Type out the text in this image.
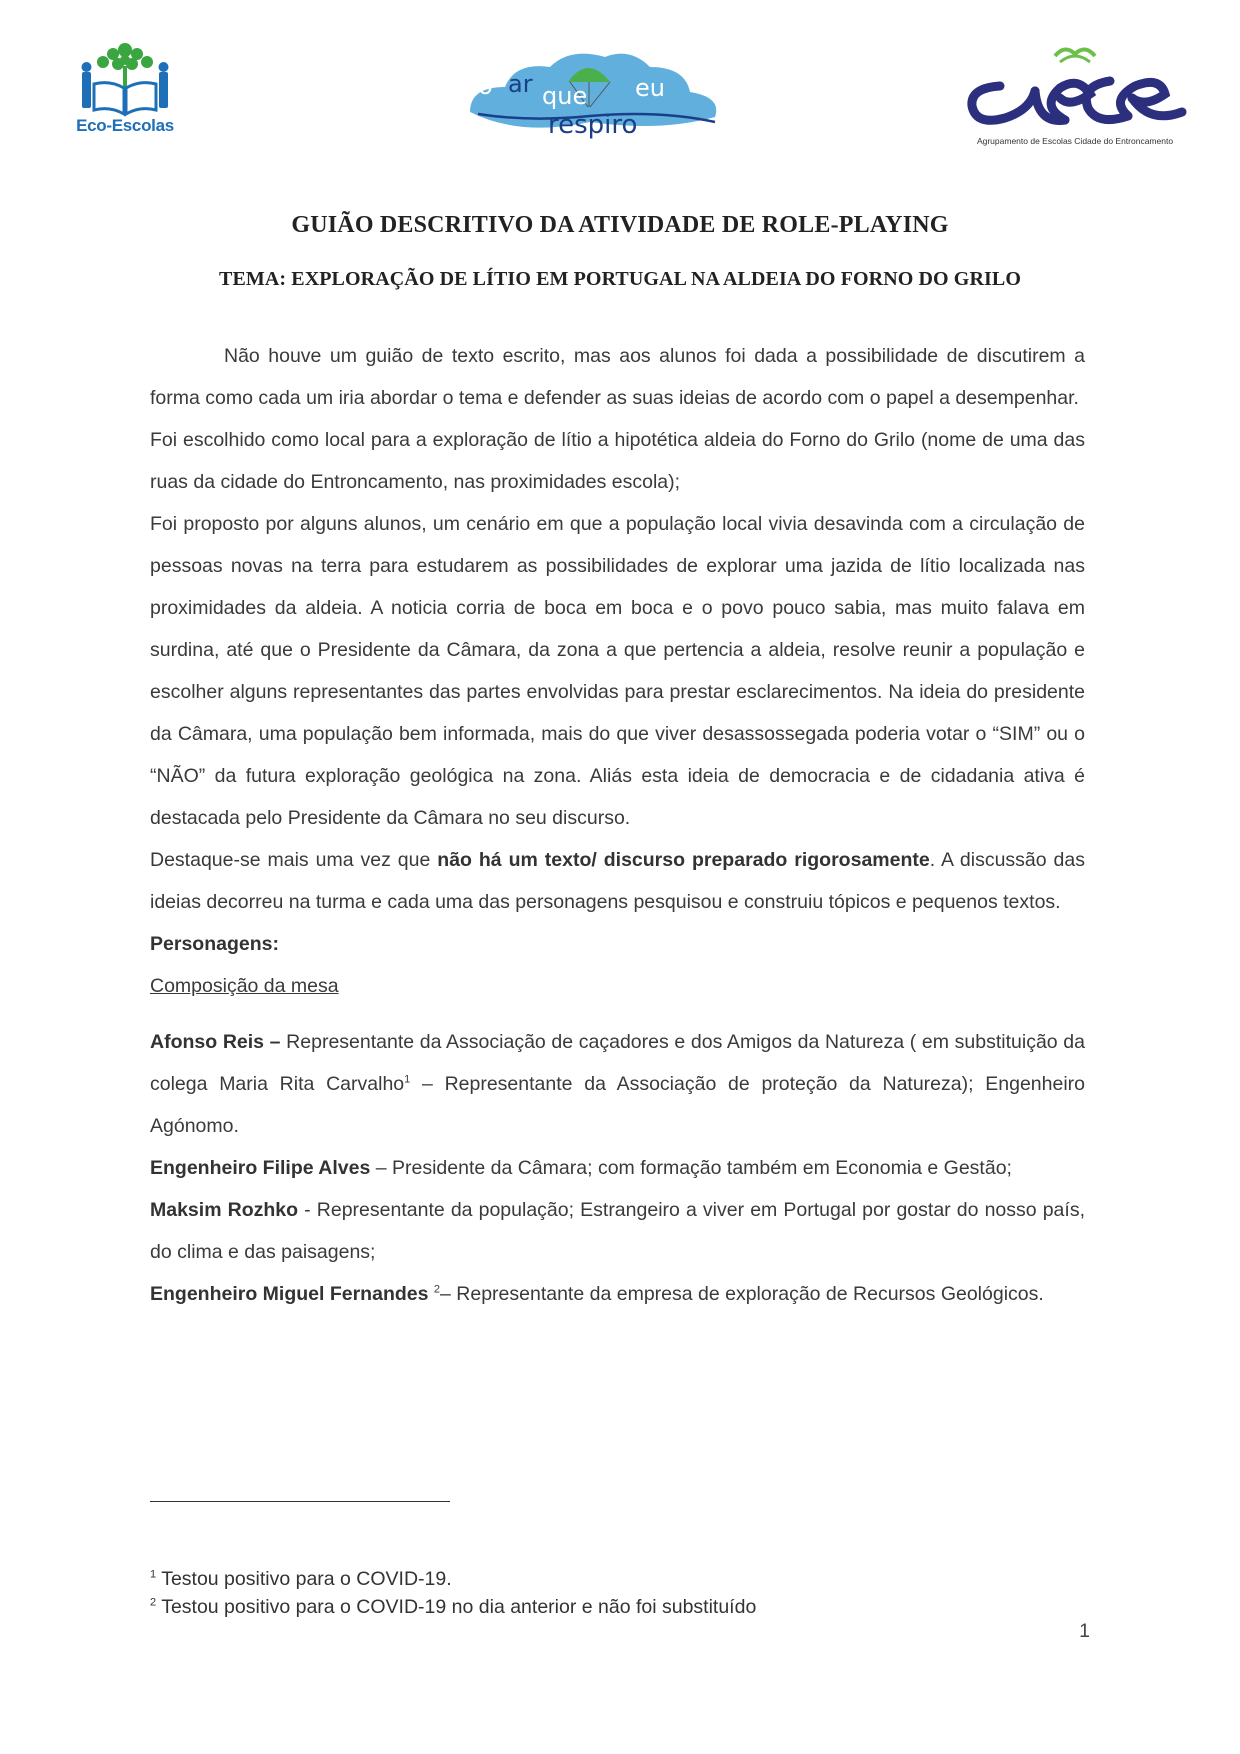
Eco-Escolas
o ar que eu
respiro
Agrupamento de Escolas Cidade do Entroncamento
GUIÃO DESCRITIVO DA ATIVIDADE DE ROLE-PLAYING
TEMA: EXPLORAÇÃO DE LÍTIO EM PORTUGAL NA ALDEIA DO FORNO DO GRILO

Não houve um guião de texto escrito, mas aos alunos foi dada a possibilidade de discutirem a forma como cada um iria abordar o tema e defender as suas ideias de acordo com o papel a desempenhar.

Foi escolhido como local para a exploração de lítio a hipotética aldeia do Forno do Grilo (nome de uma das ruas da cidade do Entroncamento, nas proximidades escola);

Foi proposto por alguns alunos, um cenário em que a população local vivia desavinda com a circulação de pessoas novas na terra para estudarem as possibilidades de explorar uma jazida de lítio localizada nas proximidades da aldeia. A noticia corria de boca em boca e o povo pouco sabia, mas muito falava em surdina, até que o Presidente da Câmara, da zona a que pertencia a aldeia, resolve reunir a população e escolher alguns representantes das partes envolvidas para prestar esclarecimentos. Na ideia do presidente da Câmara, uma população bem informada, mais do que viver desassossegada poderia votar o “SIM” ou o “NÃO” da futura exploração geológica na zona. Aliás esta ideia de democracia e de cidadania ativa é destacada pelo Presidente da Câmara no seu discurso.

Destaque-se mais uma vez que não há um texto/ discurso preparado rigorosamente. A discussão das ideias decorreu na turma e cada uma das personagens pesquisou e construiu tópicos e pequenos textos.

Personagens:

Composição da mesa

Afonso Reis – Representante da Associação de caçadores e dos Amigos da Natureza ( em substituição da colega Maria Rita Carvalho$^1$ – Representante da Associação de proteção da Natureza); Engenheiro Agónomo.

Engenheiro Filipe Alves – Presidente da Câmara; com formação também em Economia e Gestão;

Maksim Rozhko - Representante da população; Estrangeiro a viver em Portugal por gostar do nosso país, do clima e das paisagens;

Engenheiro Miguel Fernandes $^2$– Representante da empresa de exploração de Recursos Geológicos.

$^1$ Testou positivo para o COVID-19.
$^2$ Testou positivo para o COVID-19 no dia anterior e não foi substituído
1
